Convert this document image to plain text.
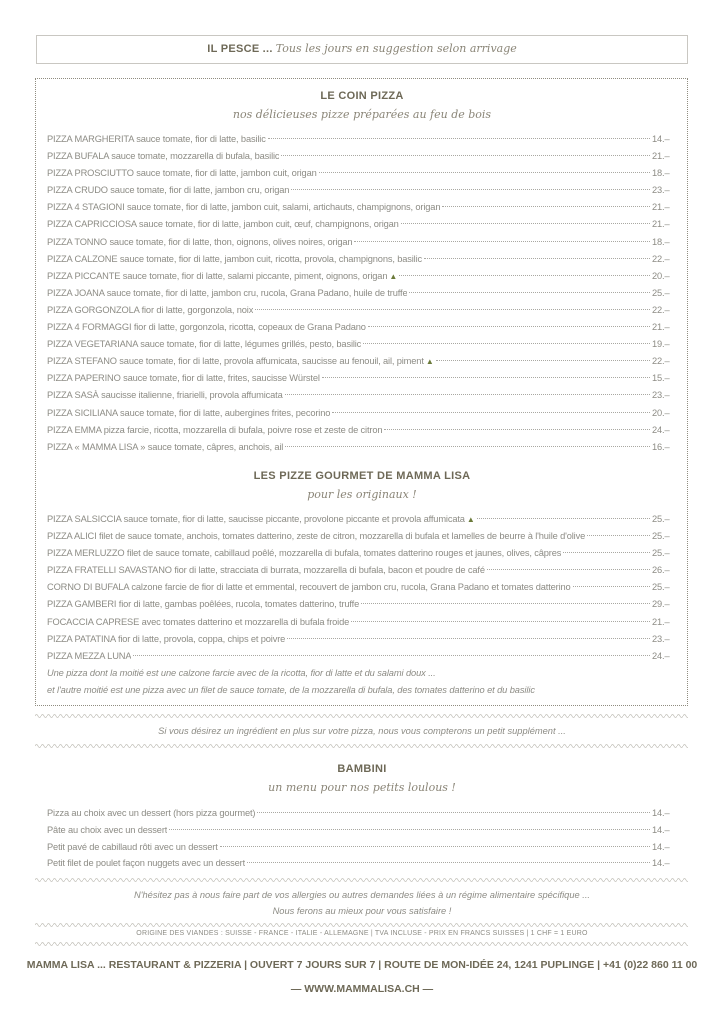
IL PESCE ... Tous les jours en suggestion selon arrivage
LE COIN PIZZA
nos délicieuses pizze préparées au feu de bois
PIZZA MARGHERITA sauce tomate, fior di latte, basilic	14.–
PIZZA BUFALA sauce tomate, mozzarella di bufala, basilic	21.–
PIZZA PROSCIUTTO sauce tomate, fior di latte, jambon cuit, origan	18.–
PIZZA CRUDO sauce tomate, fior di latte, jambon cru, origan	23.–
PIZZA 4 STAGIONI sauce tomate, fior di latte, jambon cuit, salami, artichauts, champignons, origan	21.–
PIZZA CAPRICCIOSA sauce tomate, fior di latte, jambon cuit, œuf, champignons, origan	21.–
PIZZA TONNO sauce tomate, fior di latte, thon, oignons, olives noires, origan	18.–
PIZZA CALZONE sauce tomate, fior di latte, jambon cuit, ricotta, provola, champignons, basilic	22.–
PIZZA PICCANTE sauce tomate, fior di latte, salami piccante, piment, oignons, origan ▲	20.–
PIZZA JOANA sauce tomate, fior di latte, jambon cru, rucola, Grana Padano, huile de truffe	25.–
PIZZA GORGONZOLA fior di latte, gorgonzola, noix	22.–
PIZZA 4 FORMAGGI fior di latte, gorgonzola, ricotta, copeaux de Grana Padano	21.–
PIZZA VEGETARIANA sauce tomate, fior di latte, légumes grillés, pesto, basilic	19.–
PIZZA STEFANO sauce tomate, fior di latte, provola affumicata, saucisse au fenouil, ail, piment ▲	22.–
PIZZA PAPERINO sauce tomate, fior di latte, frites, saucisse Würstel	15.–
PIZZA SASÀ saucisse italienne, friarielli, provola affumicata	23.–
PIZZA SICILIANA sauce tomate, fior di latte, aubergines frites, pecorino	20.–
PIZZA EMMA pizza farcie, ricotta, mozzarella di bufala, poivre rose et zeste de citron	24.–
PIZZA « MAMMA LISA » sauce tomate, câpres, anchois, ail	16.–
LES PIZZE GOURMET DE MAMMA LISA
pour les originaux !
PIZZA SALSICCIA sauce tomate, fior di latte, saucisse piccante, provolone piccante et provola affumicata ▲	25.–
PIZZA ALICI filet de sauce tomate, anchois, tomates datterino, zeste de citron, mozzarella di bufala et lamelles de beurre à l'huile d'olive	25.–
PIZZA MERLUZZO filet de sauce tomate, cabillaud poêlé, mozzarella di bufala, tomates datterino rouges et jaunes, olives, câpres	25.–
PIZZA FRATELLI SAVASTANO fior di latte, stracciata di burrata, mozzarella di bufala, bacon et poudre de café	26.–
CORNO DI BUFALA calzone farcie de fior di latte et emmental, recouvert de jambon cru, rucola, Grana Padano et tomates datterino	25.–
PIZZA GAMBERI fior di latte, gambas poêlées, rucola, tomates datterino, truffe	29.–
FOCACCIA CAPRESE avec tomates datterino et mozzarella di bufala froide	21.–
PIZZA PATATINA fior di latte, provola, coppa, chips et poivre	23.–
PIZZA MEZZA LUNA	24.–
Une pizza dont la moitié est une calzone farcie avec de la ricotta, fior di latte et du salami doux ...
et l'autre moitié est une pizza avec un filet de sauce tomate, de la mozzarella di bufala, des tomates datterino et du basilic
Si vous désirez un ingrédient en plus sur votre pizza, nous vous compterons un petit supplément ...
BAMBINI
un menu pour nos petits loulous !
Pizza au choix avec un dessert (hors pizza gourmet)	14.–
Pâte au choix avec un dessert	14.–
Petit pavé de cabillaud rôti avec un dessert	14.–
Petit filet de poulet façon nuggets avec un dessert	14.–
N'hésitez pas à nous faire part de vos allergies ou autres demandes liées à un régime alimentaire spécifique ...
Nous ferons au mieux pour vous satisfaire !
ORIGINE DES VIANDES : SUISSE - FRANCE - ITALIE - ALLEMAGNE | TVA INCLUSE - PRIX EN FRANCS SUISSES | 1 CHF = 1 EURO
MAMMA LISA ... RESTAURANT & PIZZERIA | OUVERT 7 JOURS SUR 7 | ROUTE DE MON-IDÉE 24, 1241 PUPLINGE | +41 (0)22 860 11 00
— WWW.MAMMALISA.CH —
